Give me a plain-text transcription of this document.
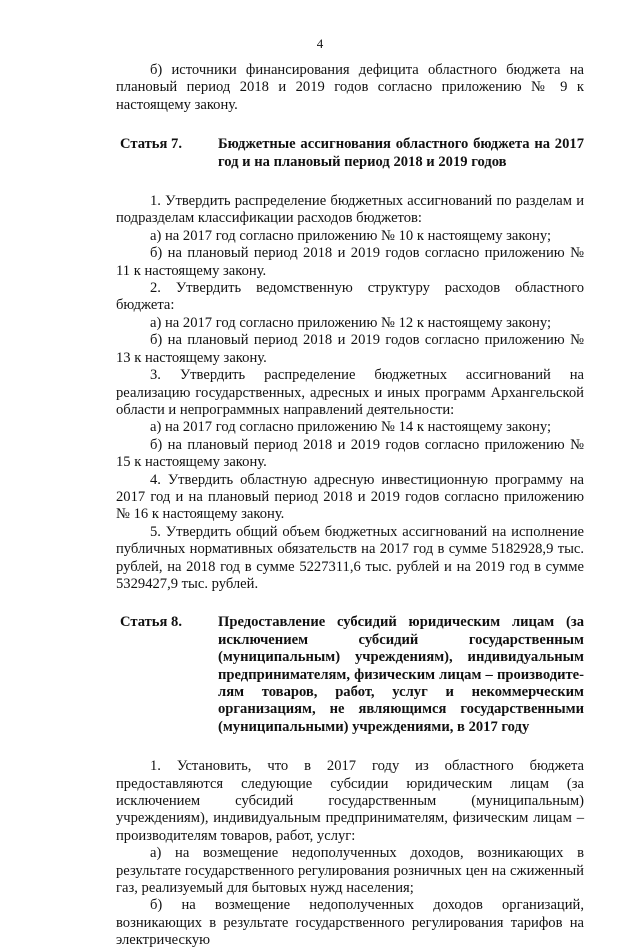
4

б) источники финансирования дефицита областного бюджета на плановый период 2018 и 2019 годов согласно приложению № 9 к настоящему закону.

Статья 7.	Бюджетные ассигнования областного бюджета на 2017 год и на плановый период 2018 и 2019 годов

1. Утвердить распределение бюджетных ассигнований по разделам и подразделам классификации расходов бюджетов:

а) на 2017 год согласно приложению № 10 к настоящему закону;

б) на плановый период 2018 и 2019 годов согласно приложению № 11 к настоящему закону.

2. Утвердить ведомственную структуру расходов областного бюджета:

а) на 2017 год согласно приложению № 12 к настоящему закону;

б) на плановый период 2018 и 2019 годов согласно приложению № 13 к настоящему закону.

3. Утвердить распределение бюджетных ассигнований на реализацию государственных, адресных и иных программ Архангельской области и непрограммных направлений деятельности:

а) на 2017 год согласно приложению № 14 к настоящему закону;

б) на плановый период 2018 и 2019 годов согласно приложению № 15 к настоящему закону.

4. Утвердить областную адресную инвестиционную программу на 2017 год и на плановый период 2018 и 2019 годов согласно приложению № 16 к настоящему закону.

5. Утвердить общий объем бюджетных ассигнований на исполнение публичных нормативных обязательств на 2017 год в сумме 5182928,9 тыс. рублей, на 2018 год в сумме 5227311,6 тыс. рублей и на 2019 год в сумме 5329427,9 тыс. рублей.

Статья 8.	Предоставление субсидий юридическим лицам (за исключением субсидий государственным (муниципальным) учреждениям), индивидуальным предпринимателям, физическим лицам – производите-лям товаров, работ, услуг и некоммерческим организациям, не являющимся государственными (муниципальными) учреждениями, в 2017 году

1. Установить, что в 2017 году из областного бюджета предоставляются следующие субсидии юридическим лицам (за исключением субсидий государственным (муниципальным) учреждениям), индивидуальным предпринимателям, физическим лицам – производителям товаров, работ, услуг:

а) на возмещение недополученных доходов, возникающих в результате государственного регулирования розничных цен на сжиженный газ, реализуемый для бытовых нужд населения;

б) на возмещение недополученных доходов организаций, возникающих в результате государственного регулирования тарифов на электрическую
